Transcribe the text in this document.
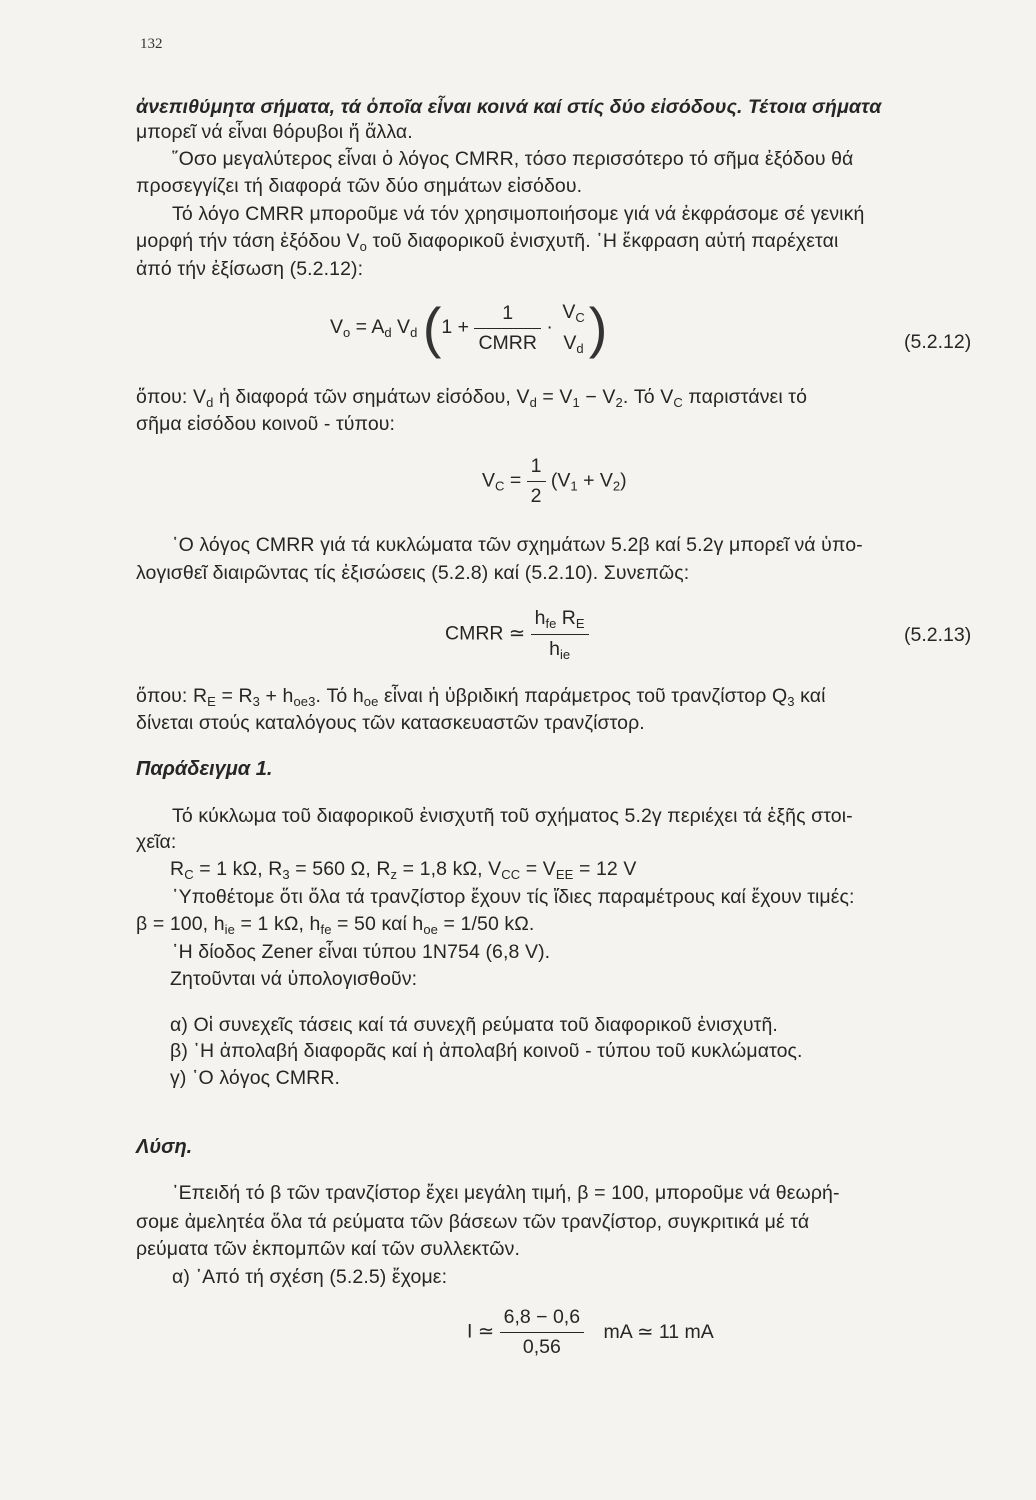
132
ἀνεπιθύμητα σήματα, τά ὁποῖα εἶναι κοινά καί στίς δύο εἰσόδους. Τέτοια σήματα
μπορεῖ νά εἶναι θόρυβοι ἤ ἄλλα.
῞Οσο μεγαλύτερος εἶναι ὁ λόγος CMRR, τόσο περισσότερο τό σῆμα ἐξόδου θά
προσεγγίζει τή διαφορά τῶν δύο σημάτων εἰσόδου.
Τό λόγο CMRR μποροῦμε νά τόν χρησιμοποιήσομε γιά νά ἐκφράσομε σέ γενική
μορφή τήν τάση ἐξόδου $V_o$ τοῦ διαφορικοῦ ἐνισχυτῆ. ῾Η ἔκφραση αὐτή παρέχεται
ἀπό τήν ἐξίσωση (5.2.12):
$V_o = A_d$ $V_d$ ($1 + \frac{1}{\text{CMRR}}$ ·
$V_C$
$V_d$ )	(5.2.12)
ὅπου: $V_d$ ἡ διαφορά τῶν σημάτων εἰσόδου, $V_d = V_1 - V_2$. Τό $V_C$ παριστάνει τό
σῆμα εἰσόδου κοινοῦ - τύπου:
$V_C = \frac{1}{2} (V_1 + V_2)$
῾Ο λόγος CMRR γιά τά κυκλώματα τῶν σχημάτων 5.2β καί 5.2γ μπορεῖ νά ὑπο-
λογισθεῖ διαιρῶντας τίς ἐξισώσεις (5.2.8) καί (5.2.10). Συνεπῶς:
CMRR ≃ $\frac{h_{fe} R_E}{h_{ie}}$	(5.2.13)
ὅπου: $R_E = R_3 + h_{oe3}$. Τό $h_{oe}$ εἶναι ἡ ὑβριδική παράμετρος τοῦ τρανζίστορ $Q_3$ καί
δίνεται στούς καταλόγους τῶν κατασκευαστῶν τρανζίστορ.
Παράδειγμα 1.
Τό κύκλωμα τοῦ διαφορικοῦ ἐνισχυτῆ τοῦ σχήματος 5.2γ περιέχει τά ἑξῆς στοι-
χεῖα:
$R_C = 1$ kΩ, $R_3 = 560$ Ω, $R_z = 1,8$ kΩ, $V_{CC} = V_{EE} = 12$ V
῾Υποθέτομε ὅτι ὅλα τά τρανζίστορ ἔχουν τίς ἴδιες παραμέτρους καί ἔχουν τιμές:
β = 100, $h_{ie} = 1$ kΩ, $h_{fe} = 50$ καί $h_{oe} = 1/50$ kΩ.
῾Η δίοδος Zener εἶναι τύπου 1N754 (6,8 V).
Ζητοῦνται νά ὑπολογισθοῦν:
α) Οἱ συνεχεῖς τάσεις καί τά συνεχῆ ρεύματα τοῦ διαφορικοῦ ἐνισχυτῆ.
β) ῾Η ἀπολαβή διαφορᾶς καί ἡ ἀπολαβή κοινοῦ - τύπου τοῦ κυκλώματος.
γ) ῾Ο λόγος CMRR.
Λύση.
᾿Επειδή τό β τῶν τρανζίστορ ἔχει μεγάλη τιμή, β = 100, μποροῦμε νά θεωρή-
σομε ἀμελητέα ὅλα τά ρεύματα τῶν βάσεων τῶν τρανζίστορ, συγκριτικά μέ τά
ρεύματα τῶν ἐκπομπῶν καί τῶν συλλεκτῶν.
α) ᾿Από τή σχέση (5.2.5) ἔχομε:
I ≃ $\frac{6,8 - 0,6}{0,56}$ mA ≃ 11 mA
